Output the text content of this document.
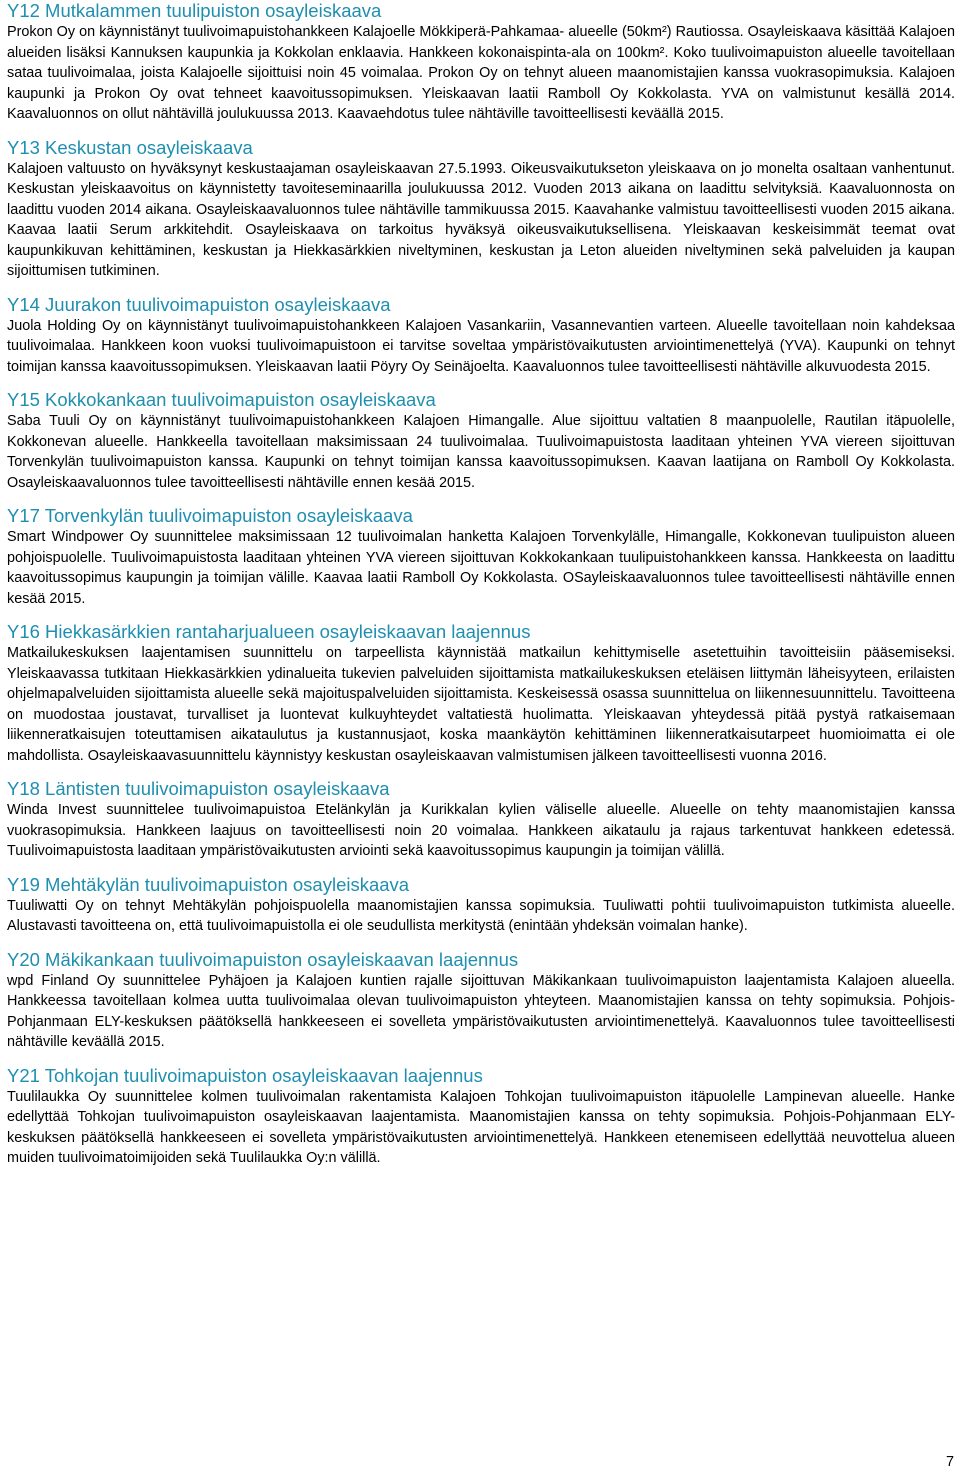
Y12 Mutkalammen tuulipuiston osayleiskaava

Prokon Oy on käynnistänyt tuulivoimapuistohankkeen Kalajoelle Mökkiperä-Pahkamaa- alueelle (50km²) Rautiossa. Osayleiskaava käsittää Kalajoen alueiden lisäksi Kannuksen kaupunkia ja Kokkolan enklaavia. Hankkeen kokonaispinta-ala on 100km². Koko tuulivoimapuiston alueelle tavoitellaan sataa tuulivoimalaa, joista Kalajoelle sijoittuisi noin 45 voimalaa. Prokon Oy on tehnyt alueen maanomistajien kanssa vuokrasopimuksia. Kalajoen kaupunki ja Prokon Oy ovat tehneet kaavoitussopimuksen. Yleiskaavan laatii Ramboll Oy Kokkolasta. YVA on valmistunut kesällä 2014. Kaavaluonnos on ollut nähtävillä joulukuussa 2013. Kaavaehdotus tulee nähtäville tavoitteellisesti keväällä 2015.

Y13 Keskustan osayleiskaava

Kalajoen valtuusto on hyväksynyt keskustaajaman osayleiskaavan 27.5.1993. Oikeusvaikutukseton yleiskaava on jo monelta osaltaan vanhentunut. Keskustan yleiskaavoitus on käynnistetty tavoiteseminaarilla joulukuussa 2012. Vuoden 2013 aikana on laadittu selvityksiä. Kaavaluonnosta on laadittu vuoden 2014 aikana. Osayleiskaavaluonnos tulee nähtäville tammikuussa 2015. Kaavahanke valmistuu tavoitteellisesti vuoden 2015 aikana. Kaavaa laatii Serum arkkitehdit. Osayleiskaava on tarkoitus hyväksyä oikeusvaikutuksellisena. Yleiskaavan keskeisimmät teemat ovat kaupunkikuvan kehittäminen, keskustan ja Hiekkasärkkien niveltyminen, keskustan ja Leton alueiden niveltyminen sekä palveluiden ja kaupan sijoittumisen tutkiminen.

Y14 Juurakon tuulivoimapuiston osayleiskaava

Juola Holding Oy on käynnistänyt tuulivoimapuistohankkeen Kalajoen Vasankariin, Vasannevantien varteen. Alueelle tavoitellaan noin kahdeksaa tuulivoimalaa. Hankkeen koon vuoksi tuulivoimapuistoon ei tarvitse soveltaa ympäristövaikutusten arviointimenettelyä (YVA). Kaupunki on tehnyt toimijan kanssa kaavoitussopimuksen. Yleiskaavan laatii Pöyry Oy Seinäjoelta. Kaavaluonnos tulee tavoitteellisesti nähtäville alkuvuodesta 2015.

Y15 Kokkokankaan tuulivoimapuiston osayleiskaava

Saba Tuuli Oy on käynnistänyt tuulivoimapuistohankkeen Kalajoen Himangalle. Alue sijoittuu valtatien 8 maanpuolelle, Rautilan itäpuolelle, Kokkonevan alueelle. Hankkeella tavoitellaan maksimissaan 24 tuulivoimalaa. Tuulivoimapuistosta laaditaan yhteinen YVA viereen sijoittuvan Torvenkylän tuulivoimapuiston kanssa. Kaupunki on tehnyt toimijan kanssa kaavoitussopimuksen. Kaavan laatijana on Ramboll Oy Kokkolasta. Osayleiskaavaluonnos tulee tavoitteellisesti nähtäville ennen kesää 2015.

Y17 Torvenkylän tuulivoimapuiston osayleiskaava

Smart Windpower Oy suunnittelee maksimissaan 12 tuulivoimalan hanketta Kalajoen Torvenkylälle, Himangalle, Kokkonevan tuulipuiston alueen pohjoispuolelle. Tuulivoimapuistosta laaditaan yhteinen YVA viereen sijoittuvan Kokkokankaan tuulipuistohankkeen kanssa. Hankkeesta on laadittu kaavoitussopimus kaupungin ja toimijan välille. Kaavaa laatii Ramboll Oy Kokkolasta. OSayleiskaavaluonnos tulee tavoitteellisesti nähtäville ennen kesää 2015.

Y16 Hiekkasärkkien rantaharjualueen osayleiskaavan laajennus

Matkailukeskuksen laajentamisen suunnittelu on tarpeellista käynnistää matkailun kehittymiselle asetettuihin tavoitteisiin pääsemiseksi. Yleiskaavassa tutkitaan Hiekkasärkkien ydinalueita tukevien palveluiden sijoittamista matkailukeskuksen eteläisen liittymän läheisyyteen, erilaisten ohjelmapalveluiden sijoittamista alueelle sekä majoituspalveluiden sijoittamista. Keskeisessä osassa suunnittelua on liikennesuunnittelu. Tavoitteena on muodostaa joustavat, turvalliset ja luontevat kulkuyhteydet valtatiestä huolimatta. Yleiskaavan yhteydessä pitää pystyä ratkaisemaan liikenneratkaisujen toteuttamisen aikataulutus ja kustannusjaot, koska maankäytön kehittäminen liikenneratkaisutarpeet huomioimatta ei ole mahdollista. Osayleiskaavasuunnittelu käynnistyy keskustan osayleiskaavan valmistumisen jälkeen tavoitteellisesti vuonna 2016.

Y18 Läntisten tuulivoimapuiston osayleiskaava

Winda Invest suunnittelee tuulivoimapuistoa Etelänkylän ja Kurikkalan kylien väliselle alueelle. Alueelle on tehty maanomistajien kanssa vuokrasopimuksia. Hankkeen laajuus on tavoitteellisesti noin 20 voimalaa. Hankkeen aikataulu ja rajaus tarkentuvat hankkeen edetessä. Tuulivoimapuistosta laaditaan ympäristövaikutusten arviointi sekä kaavoitussopimus kaupungin ja toimijan välillä.

Y19 Mehtäkylän tuulivoimapuiston osayleiskaava

Tuuliwatti Oy on tehnyt Mehtäkylän pohjoispuolella maanomistajien kanssa sopimuksia. Tuuliwatti pohtii tuulivoimapuiston tutkimista alueelle. Alustavasti tavoitteena on, että tuulivoimapuistolla ei ole seudullista merkitystä (enintään yhdeksän voimalan hanke).

Y20 Mäkikankaan tuulivoimapuiston osayleiskaavan laajennus

wpd Finland Oy suunnittelee Pyhäjoen ja Kalajoen kuntien rajalle sijoittuvan Mäkikankaan tuulivoimapuiston laajentamista Kalajoen alueella. Hankkeessa tavoitellaan kolmea uutta tuulivoimalaa olevan tuulivoimapuiston yhteyteen. Maanomistajien kanssa on tehty sopimuksia. Pohjois-Pohjanmaan ELY-keskuksen päätöksellä hankkeeseen ei sovelleta ympäristövaikutusten arviointimenettelyä. Kaavaluonnos tulee tavoitteellisesti nähtäville keväällä 2015.

Y21 Tohkojan tuulivoimapuiston osayleiskaavan laajennus

Tuulilaukka Oy suunnittelee kolmen tuulivoimalan rakentamista Kalajoen Tohkojan tuulivoimapuiston itäpuolelle Lampinevan alueelle. Hanke edellyttää Tohkojan tuulivoimapuiston osayleiskaavan laajentamista. Maanomistajien kanssa on tehty sopimuksia. Pohjois-Pohjanmaan ELY-keskuksen päätöksellä hankkeeseen ei sovelleta ympäristövaikutusten arviointimenettelyä. Hankkeen etenemiseen edellyttää neuvottelua alueen muiden tuulivoimatoimijoiden sekä Tuulilaukka Oy:n välillä.

7
